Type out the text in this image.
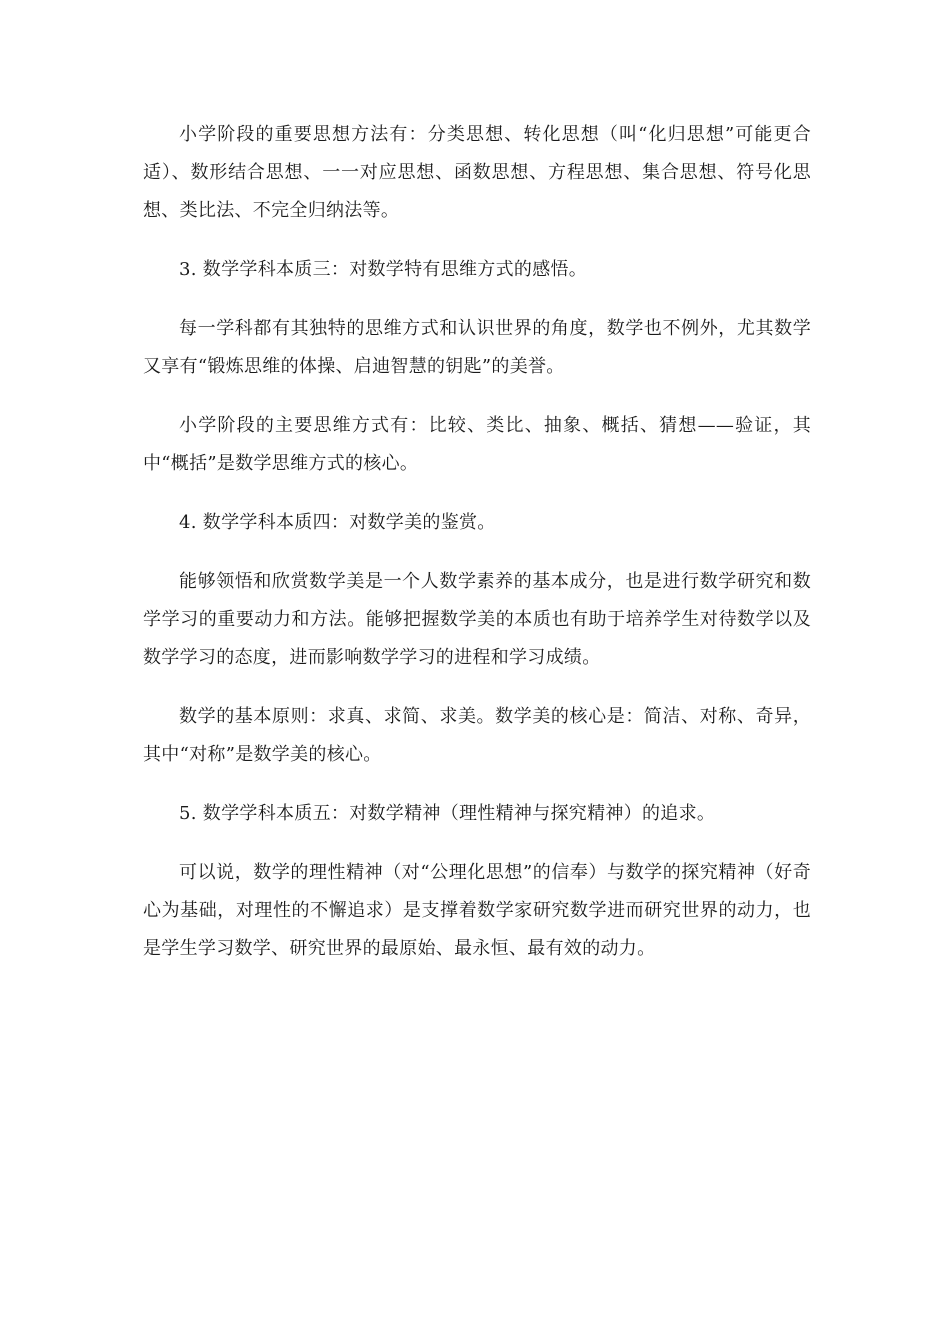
小学阶段的重要思想方法有：分类思想、转化思想（叫“化归思想”可能更合适）、数形结合思想、一一对应思想、函数思想、方程思想、集合思想、符号化思想、类比法、不完全归纳法等。

3. 数学学科本质三：对数学特有思维方式的感悟。

每一学科都有其独特的思维方式和认识世界的角度，数学也不例外，尤其数学又享有“锻炼思维的体操、启迪智慧的钥匙”的美誉。

小学阶段的主要思维方式有：比较、类比、抽象、概括、猜想——验证，其中“概括”是数学思维方式的核心。

4. 数学学科本质四：对数学美的鉴赏。

能够领悟和欣赏数学美是一个人数学素养的基本成分，也是进行数学研究和数学学习的重要动力和方法。能够把握数学美的本质也有助于培养学生对待数学以及数学学习的态度，进而影响数学学习的进程和学习成绩。

数学的基本原则：求真、求简、求美。数学美的核心是：简洁、对称、奇异，其中“对称”是数学美的核心。

5. 数学学科本质五：对数学精神（理性精神与探究精神）的追求。

可以说，数学的理性精神（对“公理化思想”的信奉）与数学的探究精神（好奇心为基础，对理性的不懈追求）是支撑着数学家研究数学进而研究世界的动力，也是学生学习数学、研究世界的最原始、最永恒、最有效的动力。
